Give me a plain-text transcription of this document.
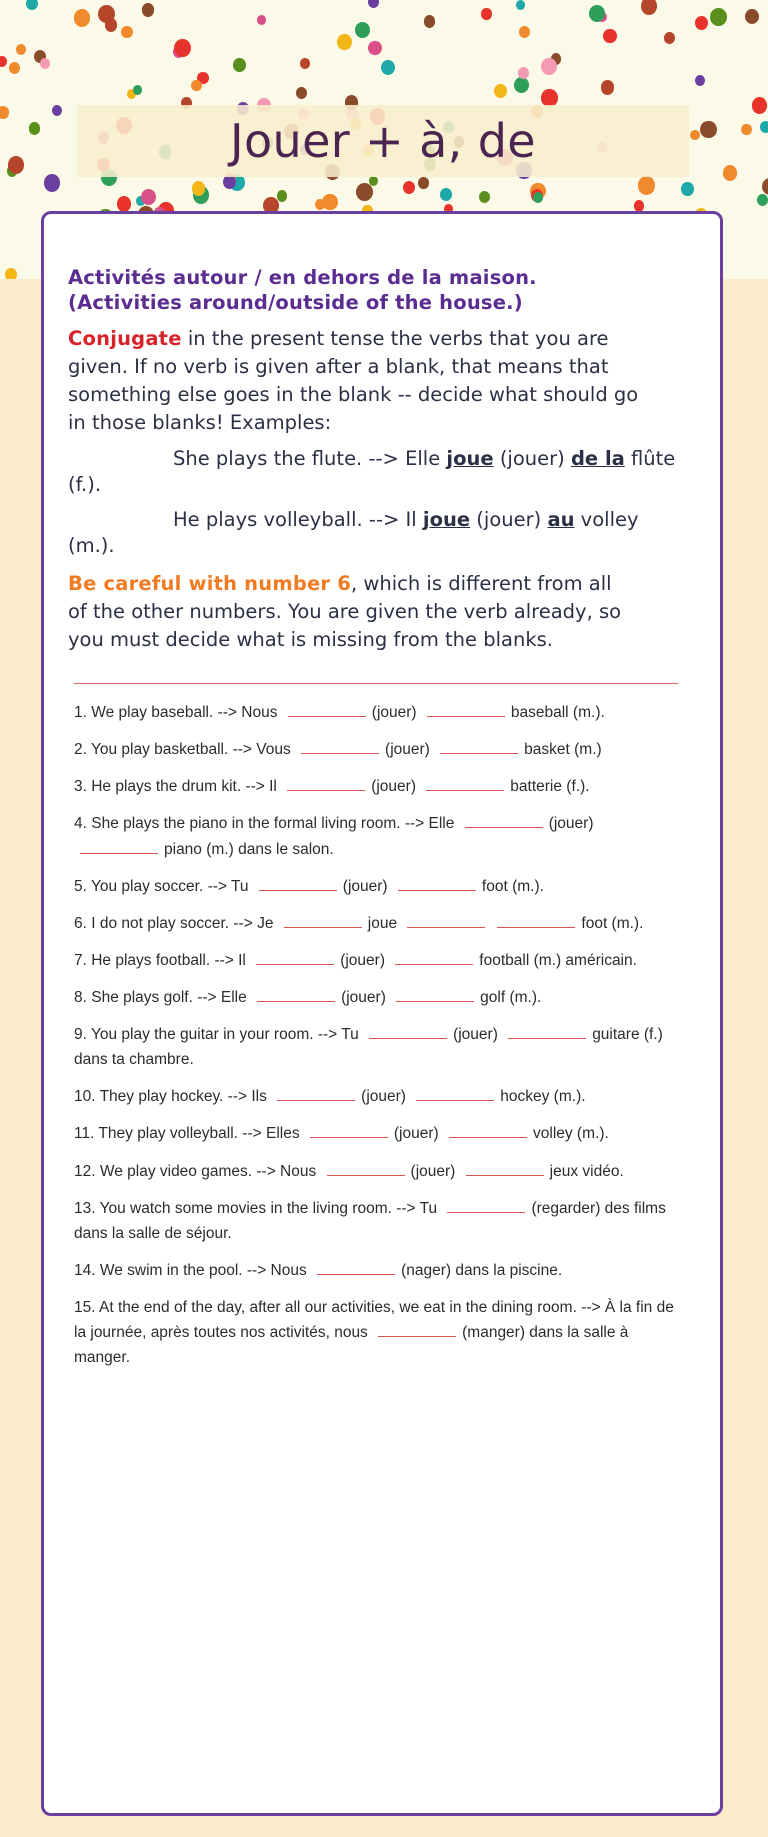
Jouer + à, de
Activités autour / en dehors de la maison.
(Activities around/outside of the house.)

Conjugate in the present tense the verbs that you are

given. If no verb is given after a blank, that means that

something else goes in the blank -- decide what should go

in those blanks! Examples:

She plays the flute. --> Elle joue (jouer) de la flûte (f.).
He plays volleyball. --> Il joue (jouer) au volley (m.).

Be careful with number 6, which is different from all

of the other numbers. You are given the verb already, so

you must decide what is missing from the blanks.

1. We play baseball. --> Nous	(jouer)	baseball (m.).
2. You play basketball. --> Vous	(jouer)	basket (m.)
3. He plays the drum kit. --> Il	(jouer)	batterie (f.).
4. She plays the piano in the formal living room. --> Elle	(jouer) piano (m.) dans le salon.
5. You play soccer. --> Tu	(jouer)	foot (m.).
6. I do not play soccer. --> Je	joue	foot (m.).
7. He plays football. --> Il	(jouer)	football (m.) américain.
8. She plays golf. --> Elle	(jouer)	golf (m.).
9. You play the guitar in your room. --> Tu	(jouer)	guitare (f.) dans ta chambre.
10. They play hockey. --> Ils	(jouer)	hockey (m.).
11. They play volleyball. --> Elles	(jouer)	volley (m.).
12. We play video games. --> Nous	(jouer)	jeux vidéo.
13. You watch some movies in the living room. --> Tu	(regarder) des films dans la salle de séjour.
14. We swim in the pool. --> Nous	(nager) dans la piscine.
15. At the end of the day, after all our activities, we eat in the dining room. --> À la fin de la journée, après toutes nos activités, nous	(manger) dans la salle à manger.
